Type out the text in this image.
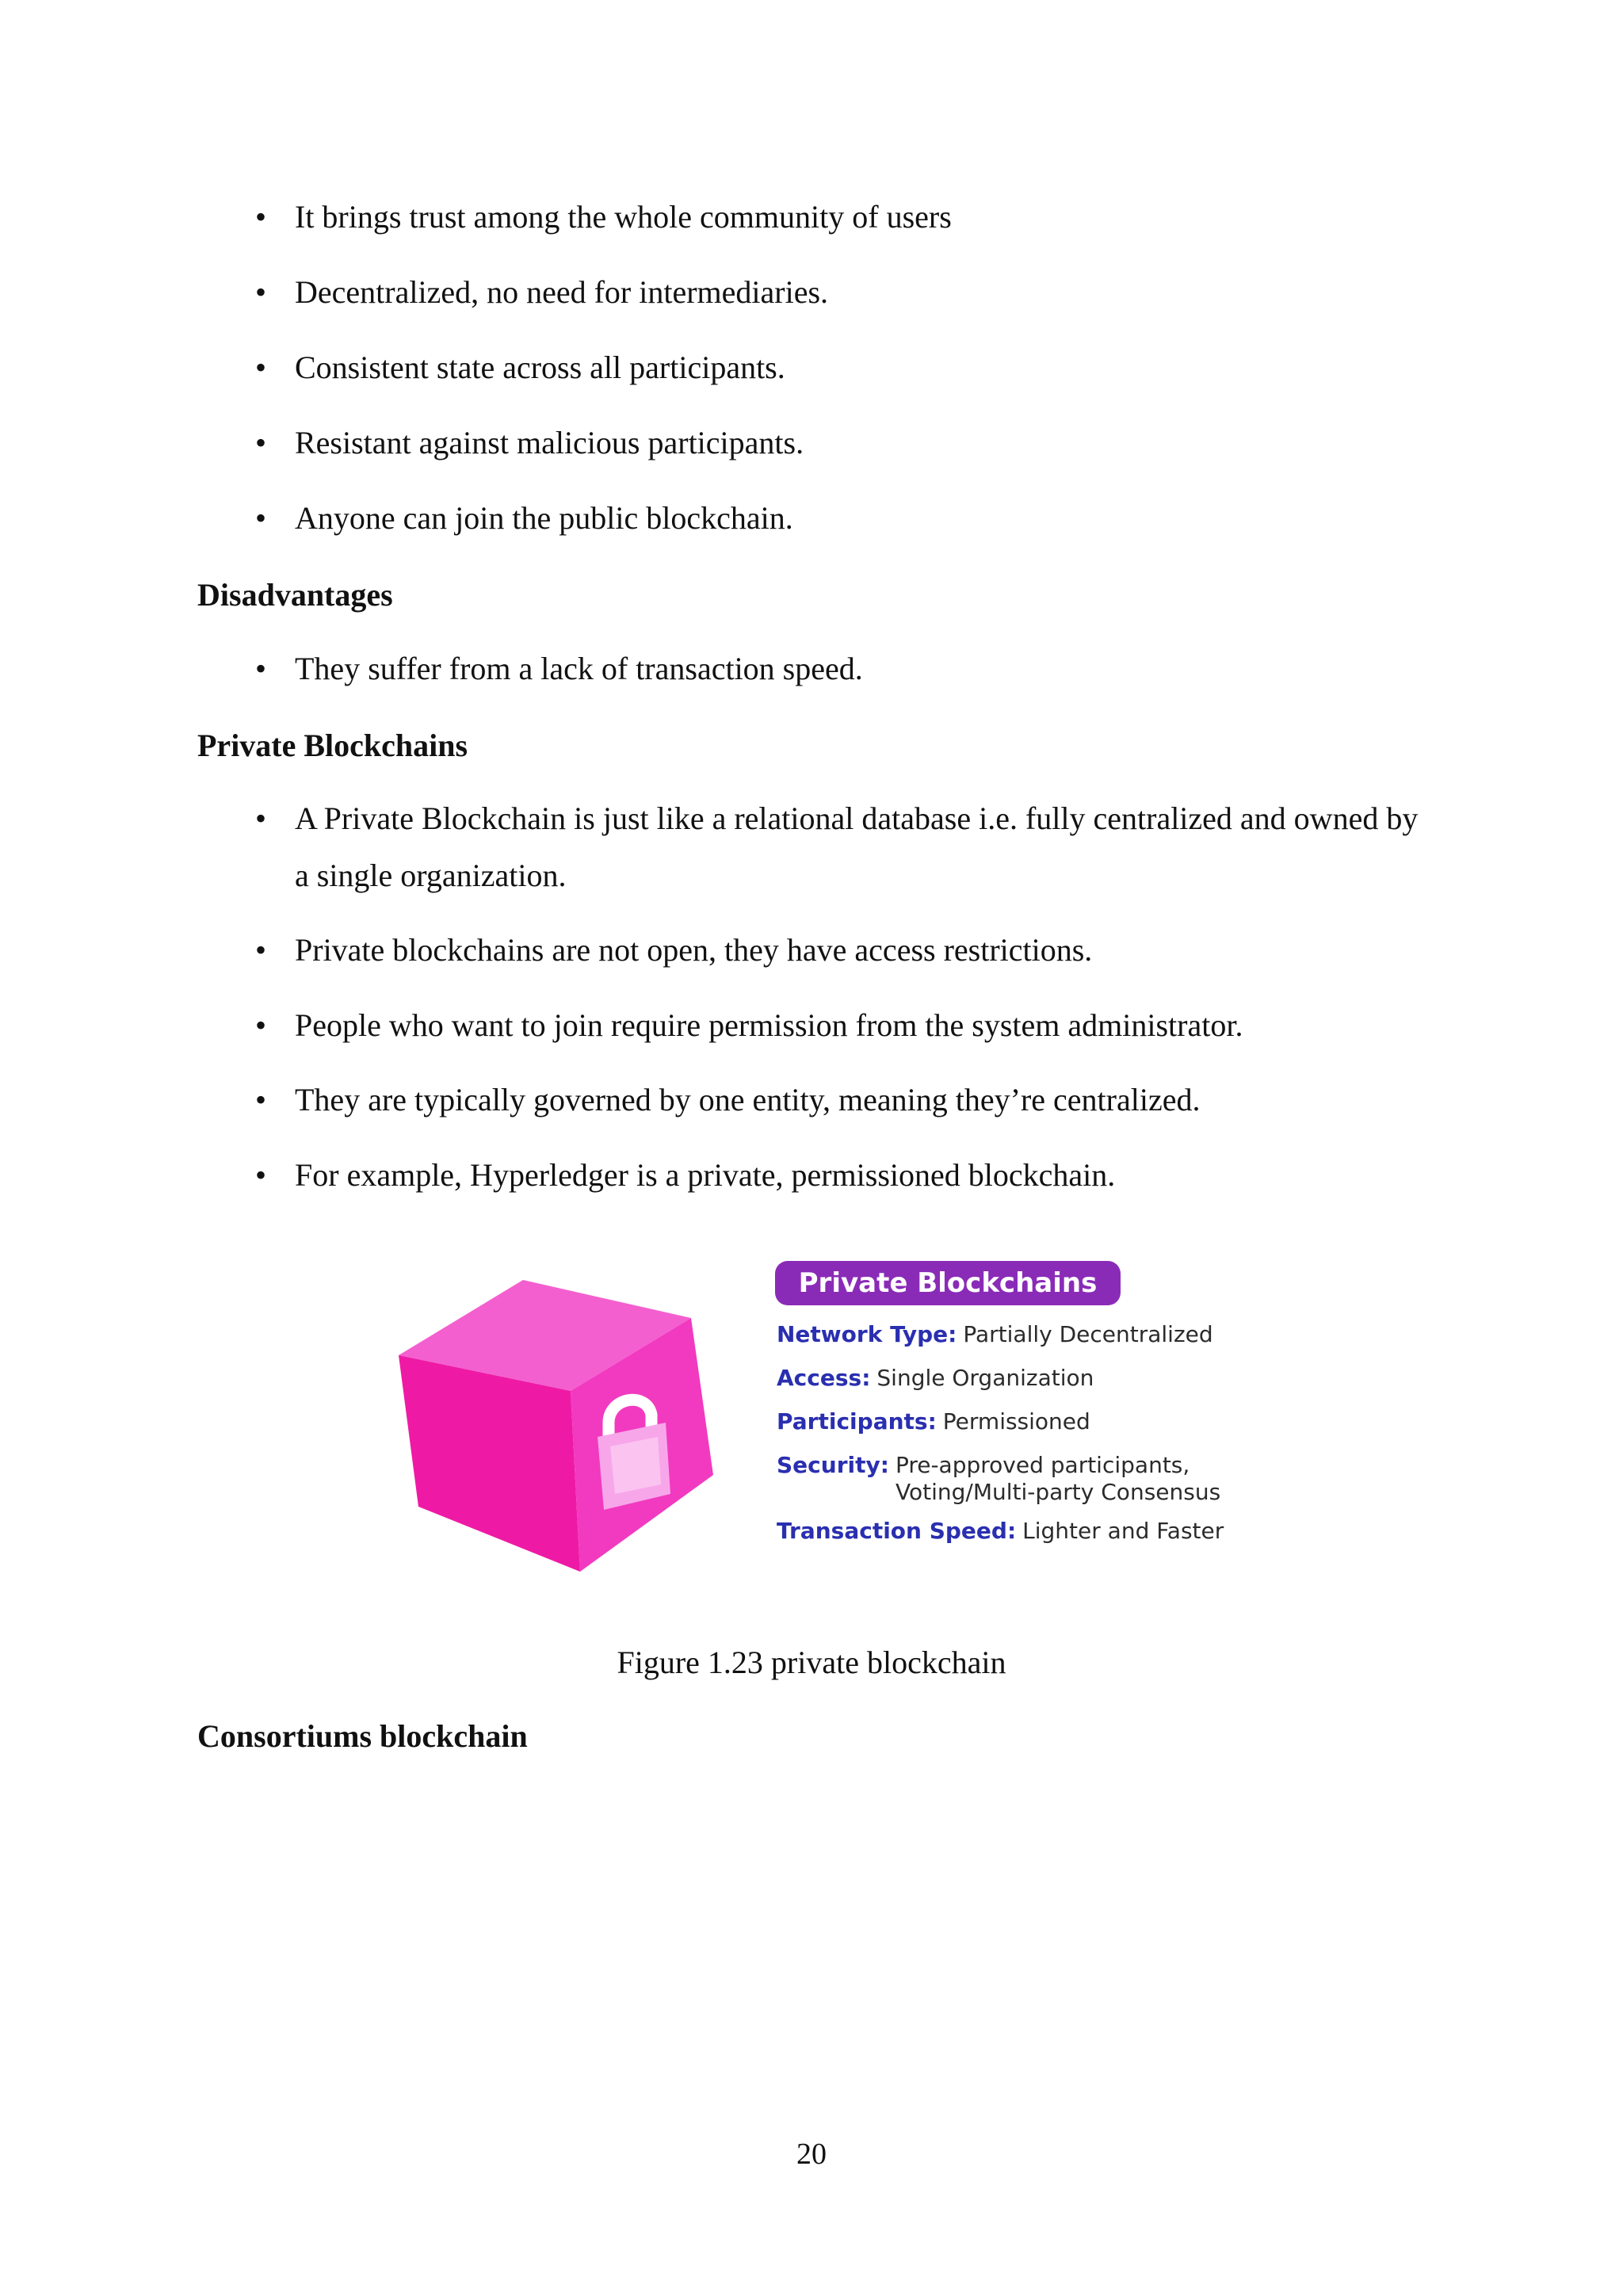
• It brings trust among the whole community of users
• Decentralized, no need for intermediaries.
• Consistent state across all participants.
• Resistant against malicious participants.
• Anyone can join the public blockchain.
Disadvantages
• They suffer from a lack of transaction speed.
Private Blockchains
• A Private Blockchain is just like a relational database i.e. fully centralized and owned by a single organization.
• Private blockchains are not open, they have access restrictions.
• People who want to join require permission from the system administrator.
• They are typically governed by one entity, meaning they’re centralized.
• For example, Hyperledger is a private, permissioned blockchain.
Private Blockchains
Network Type: Partially Decentralized
Access: Single Organization
Participants: Permissioned
Security: Pre-approved participants,
Voting/Multi-party Consensus
Transaction Speed: Lighter and Faster
Figure 1.23 private blockchain
Consortiums blockchain
20
